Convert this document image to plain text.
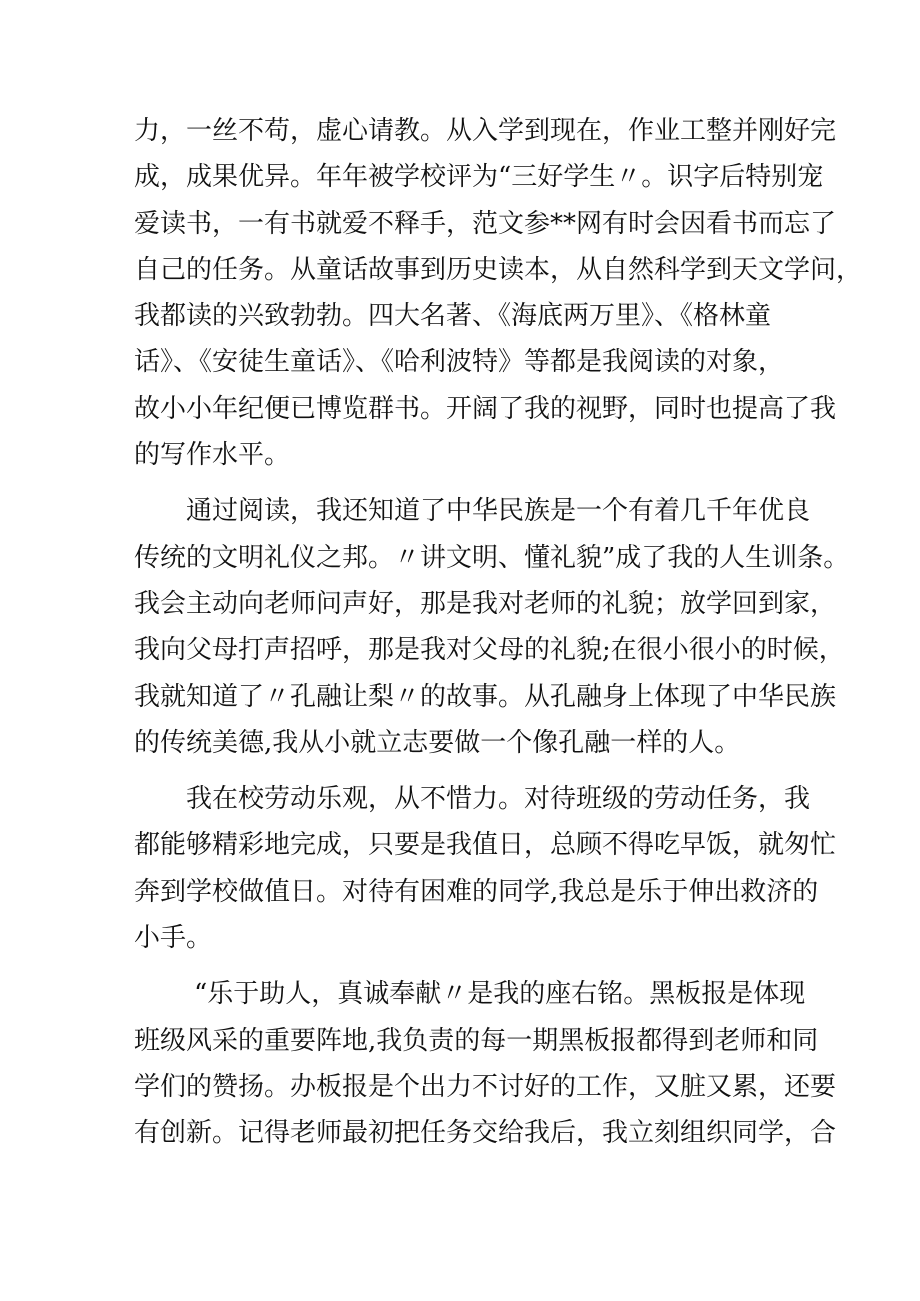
力，一丝不苟，虚心请教。从入学到现在，作业工整并刚好完
成，成果优异。年年被学校评为“三好学生〃。识字后特别宠
爱读书，一有书就爱不释手，范文参**网有时会因看书而忘了
自己的任务。从童话故事到历史读本，从自然科学到天文学问，
我都读的兴致勃勃。四大名著、《海底两万里》、《格林童
话》、《安徒生童话》、《哈利波特》等都是我阅读的对象，
故小小年纪便已博览群书。开阔了我的视野，同时也提高了我
的写作水平。
通过阅读，我还知道了中华民族是一个有着几千年优良
传统的文明礼仪之邦。〃讲文明、懂礼貌”成了我的人生训条。
我会主动向老师问声好，那是我对老师的礼貌；放学回到家，
我向父母打声招呼，那是我对父母的礼貌;在很小很小的时候，
我就知道了〃孔融让梨〃的故事。从孔融身上体现了中华民族
的传统美德,我从小就立志要做一个像孔融一样的人。
我在校劳动乐观，从不惜力。对待班级的劳动任务，我
都能够精彩地完成，只要是我值日，总顾不得吃早饭，就匆忙
奔到学校做值日。对待有困难的同学,我总是乐于伸出救济的
小手。
“乐于助人，真诚奉献〃是我的座右铭。黑板报是体现
班级风采的重要阵地,我负责的每一期黑板报都得到老师和同
学们的赞扬。办板报是个出力不讨好的工作，又脏又累，还要
有创新。记得老师最初把任务交给我后，我立刻组织同学，合
